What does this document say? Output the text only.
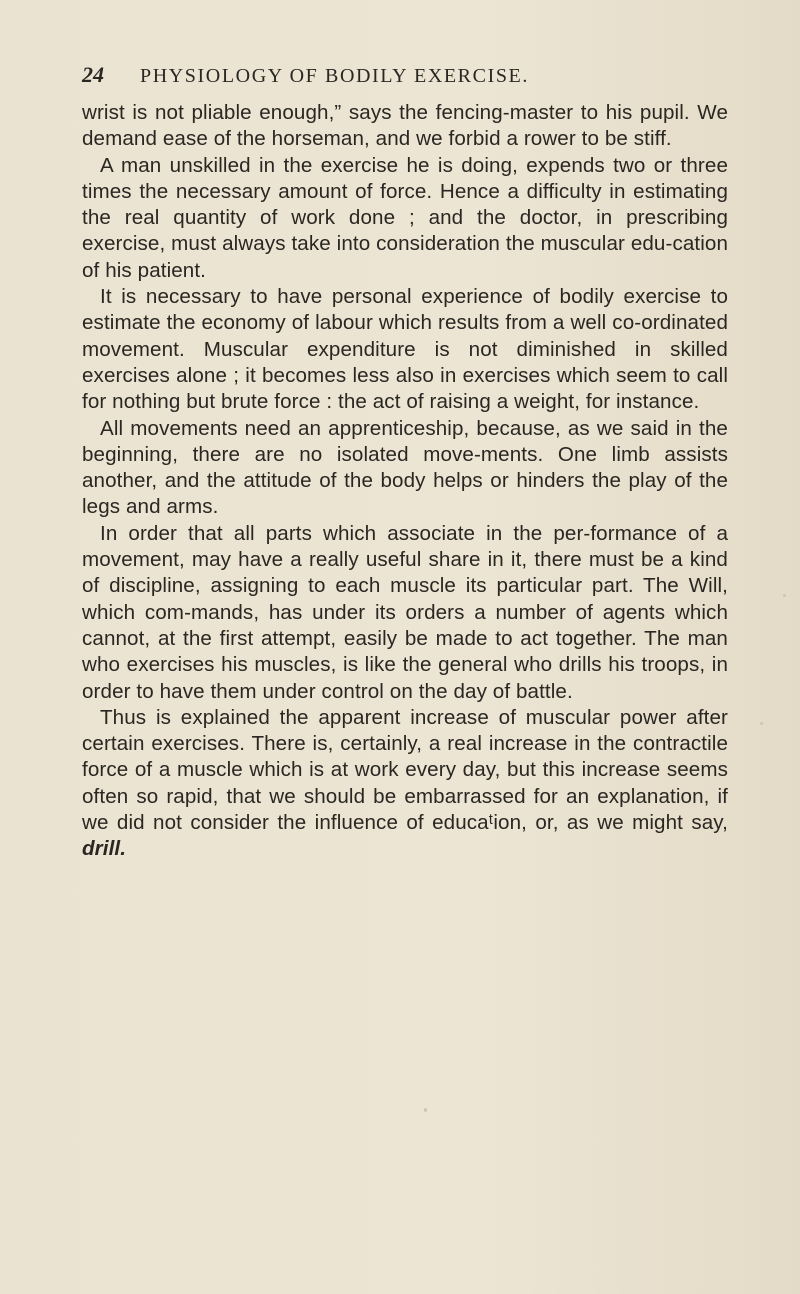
24	PHYSIOLOGY OF BODILY EXERCISE.

wrist is not pliable enough,” says the fencing-master to his pupil. We demand ease of the horseman, and we forbid a rower to be stiff.

A man unskilled in the exercise he is doing, expends two or three times the necessary amount of force. Hence a difficulty in estimating the real quantity of work done ; and the doctor, in prescribing exercise, must always take into consideration the muscular edu-cation of his patient.

It is necessary to have personal experience of bodily exercise to estimate the economy of labour which results from a well co-ordinated movement. Muscular expenditure is not diminished in skilled exercises alone ; it becomes less also in exercises which seem to call for nothing but brute force : the act of raising a weight, for instance.

All movements need an apprenticeship, because, as we said in the beginning, there are no isolated move-ments. One limb assists another, and the attitude of the body helps or hinders the play of the legs and arms.

In order that all parts which associate in the per-formance of a movement, may have a really useful share in it, there must be a kind of discipline, assigning to each muscle its particular part. The Will, which com-mands, has under its orders a number of agents which cannot, at the first attempt, easily be made to act together. The man who exercises his muscles, is like the general who drills his troops, in order to have them under control on the day of battle.

Thus is explained the apparent increase of muscular power after certain exercises. There is, certainly, a real increase in the contractile force of a muscle which is at work every day, but this increase seems often so rapid, that we should be embarrassed for an explanation, if we did not consider the influence of educaᵗion, or, as we might say, drill.
